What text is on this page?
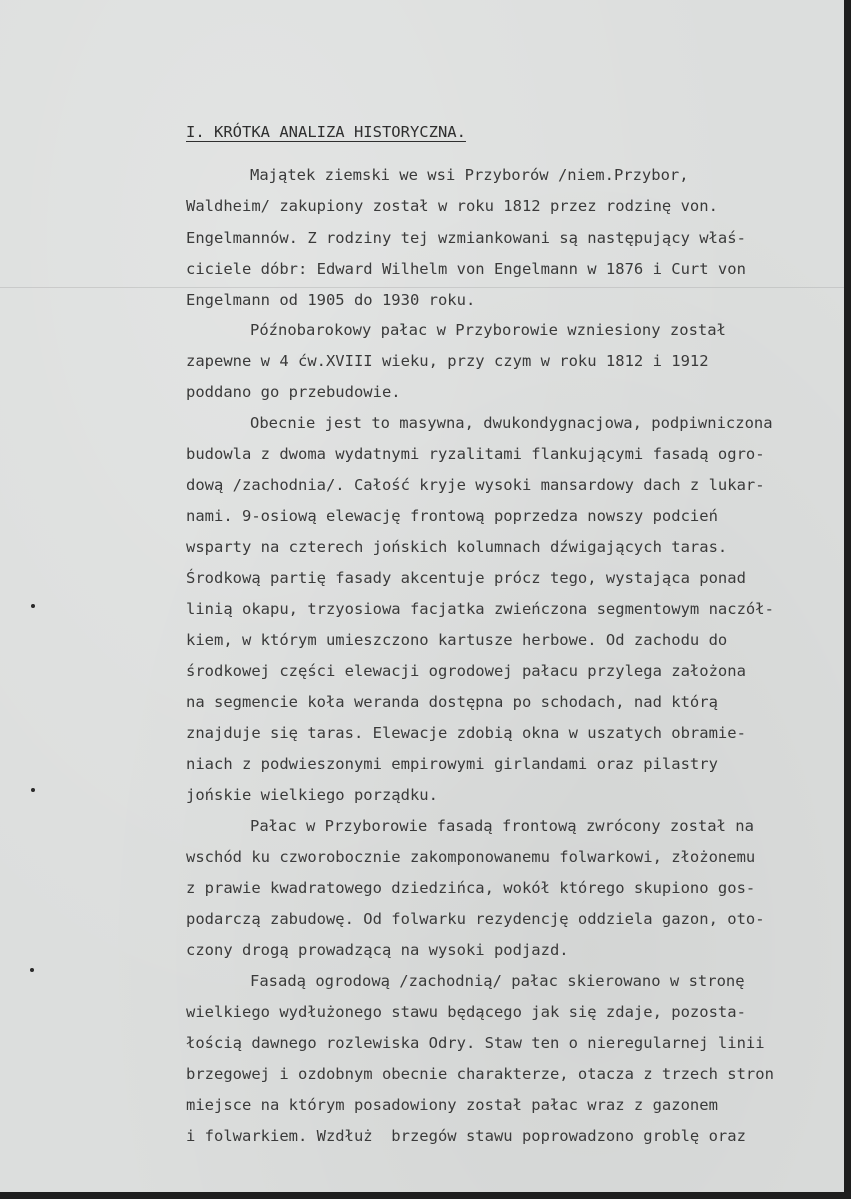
I. KRÓTKA ANALIZA HISTORYCZNA.
Majątek ziemski we wsi Przyborów /niem.Przybor,
Waldheim/ zakupiony został w roku 1812 przez rodzinę von.
Engelmannów. Z rodziny tej wzmiankowani są następujący właś-
ciciele dóbr: Edward Wilhelm von Engelmann w 1876 i Curt von
Engelmann od 1905 do 1930 roku.
Późnobarokowy pałac w Przyborowie wzniesiony został
zapewne w 4 ćw.XVIII wieku, przy czym w roku 1812 i 1912
poddano go przebudowie.
Obecnie jest to masywna, dwukondygnacjowa, podpiwniczona
budowla z dwoma wydatnymi ryzalitami flankującymi fasadą ogro-
dową /zachodnia/. Całość kryje wysoki mansardowy dach z lukar-
nami. 9-osiową elewację frontową poprzedza nowszy podcień
wsparty na czterech jońskich kolumnach dźwigających taras.
Środkową partię fasady akcentuje prócz tego, wystająca ponad
linią okapu, trzyosiowa facjatka zwieńczona segmentowym naczół-
kiem, w którym umieszczono kartusze herbowe. Od zachodu do
środkowej części elewacji ogrodowej pałacu przylega założona
na segmencie koła weranda dostępna po schodach, nad którą
znajduje się taras. Elewacje zdobią okna w uszatych obramie-
niach z podwieszonymi empirowymi girlandami oraz pilastry
jońskie wielkiego porządku.
Pałac w Przyborowie fasadą frontową zwrócony został na
wschód ku czworobocznie zakomponowanemu folwarkowi, złożonemu
z prawie kwadratowego dziedzińca, wokół którego skupiono gos-
podarczą zabudowę. Od folwarku rezydencję oddziela gazon, oto-
czony drogą prowadzącą na wysoki podjazd.
Fasadą ogrodową /zachodnią/ pałac skierowano w stronę
wielkiego wydłużonego stawu będącego jak się zdaje, pozosta-
łością dawnego rozlewiska Odry. Staw ten o nieregularnej linii
brzegowej i ozdobnym obecnie charakterze, otacza z trzech stron
miejsce na którym posadowiony został pałac wraz z gazonem
i folwarkiem. Wzdłuż  brzegów stawu poprowadzono groblę oraz
